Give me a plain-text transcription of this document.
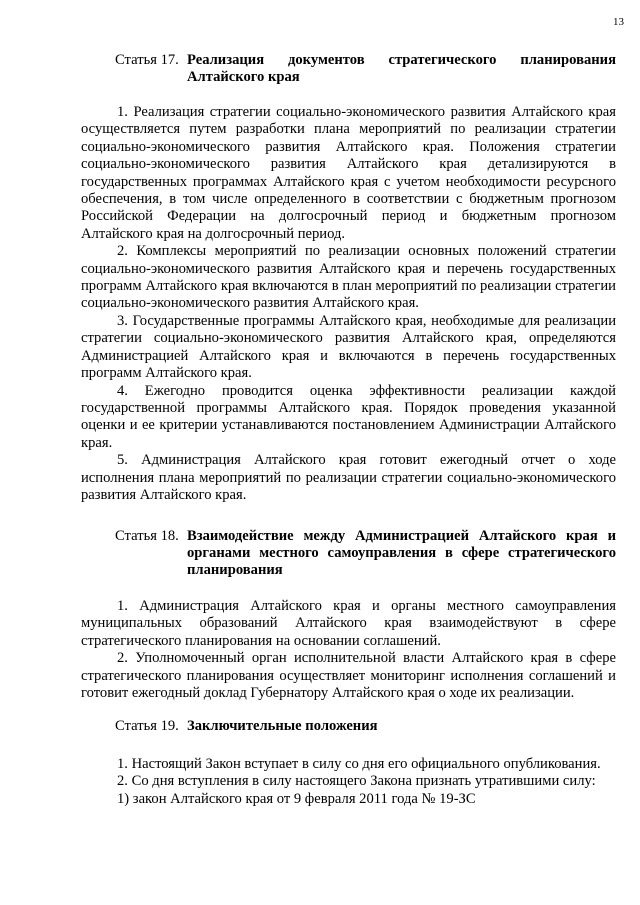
13
Статья 17. Реализация документов стратегического планирования Алтайского края

1. Реализация стратегии социально-экономического развития Алтайского края осуществляется путем разработки плана мероприятий по реализации стратегии социально-экономического развития Алтайского края. Положения стратегии социально-экономического развития Алтайского края детализируются в государственных программах Алтайского края с учетом необходимости ресурсного обеспечения, в том числе определенного в соответствии с бюджетным прогнозом Российской Федерации на долгосрочный период и бюджетным прогнозом Алтайского края на долгосрочный период.

2. Комплексы мероприятий по реализации основных положений стратегии социально-экономического развития Алтайского края и перечень государственных программ Алтайского края включаются в план мероприятий по реализации стратегии социально-экономического развития Алтайского края.

3. Государственные программы Алтайского края, необходимые для реализации стратегии социально-экономического развития Алтайского края, определяются Администрацией Алтайского края и включаются в перечень государственных программ Алтайского края.

4. Ежегодно проводится оценка эффективности реализации каждой государственной программы Алтайского края. Порядок проведения указанной оценки и ее критерии устанавливаются постановлением Администрации Алтайского края.

5. Администрация Алтайского края готовит ежегодный отчет о ходе исполнения плана мероприятий по реализации стратегии социально-экономического развития Алтайского края.

Статья 18. Взаимодействие между Администрацией Алтайского края и органами местного самоуправления в сфере стратегического планирования

1. Администрация Алтайского края и органы местного самоуправления муниципальных образований Алтайского края взаимодействуют в сфере стратегического планирования на основании соглашений.

2. Уполномоченный орган исполнительной власти Алтайского края в сфере стратегического планирования осуществляет мониторинг исполнения соглашений и готовит ежегодный доклад Губернатору Алтайского края о ходе их реализации.

Статья 19. Заключительные положения

1. Настоящий Закон вступает в силу со дня его официального опубликования.

2. Со дня вступления в силу настоящего Закона признать утратившими силу:

1) закон Алтайского края от 9 февраля 2011 года № 19-ЗС
